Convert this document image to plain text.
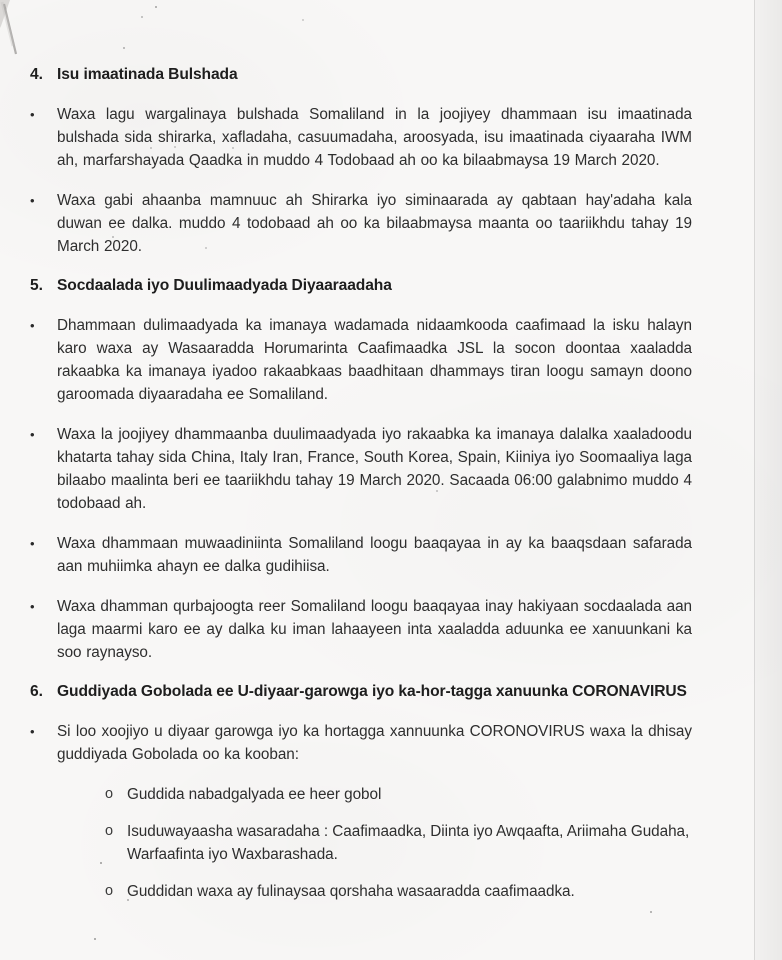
4. Isu imaatinada Bulshada
•	Waxa lagu wargalinaya bulshada Somaliland in la joojiyey dhammaan isu imaatinada bulshada sida shirarka, xafladaha, casuumadaha, aroosyada, isu imaatinada ciyaaraha IWM ah, marfarshayada Qaadka in muddo 4 Todobaad ah oo ka bilaabmaysa 19 March 2020.

•	Waxa gabi ahaanba mamnuuc ah Shirarka iyo siminaarada ay qabtaan hay'adaha kala duwan ee dalka. muddo 4 todobaad ah oo ka bilaabmaysa maanta oo taariikhdu tahay 19 March 2020.

5. Socdaalada iyo Duulimaadyada Diyaaraadaha
•	Dhammaan dulimaadyada ka imanaya wadamada nidaamkooda caafimaad la isku halayn karo waxa ay Wasaaradda Horumarinta Caafimaadka JSL la socon doontaa xaaladda rakaabka ka imanaya iyadoo rakaabkaas baadhitaan dhammays tiran loogu samayn doono garoomada diyaaradaha ee Somaliland.

•	Waxa la joojiyey dhammaanba duulimaadyada iyo rakaabka ka imanaya dalalka xaaladoodu khatarta tahay sida China, Italy Iran, France, South Korea, Spain, Kiiniya iyo Soomaaliya laga bilaabo maalinta beri ee taariikhdu tahay 19 March 2020. Sacaada 06:00 galabnimo muddo 4 todobaad ah.

•	Waxa dhammaan muwaadiniinta Somaliland loogu baaqayaa in ay ka baaqsdaan safarada aan muhiimka ahayn ee dalka gudihiisa.

•	Waxa dhamman qurbajoogta reer Somaliland loogu baaqayaa inay hakiyaan socdaalada aan laga maarmi karo ee ay dalka ku iman lahaayeen inta xaaladda aduunka ee xanuunkani ka soo raynayso.

6. Guddiyada Gobolada ee U-diyaar-garowga iyo ka-hor-tagga xanuunka CORONAVIRUS
•	Si loo xoojiyo u diyaar garowga iyo ka hortagga xannuunka CORONOVIRUS waxa la dhisay guddiyada Gobolada oo ka kooban:

o Guddida nabadgalyada ee heer gobol

o Isuduwayaasha wasaradaha : Caafimaadka, Diinta iyo Awqaafta, Ariimaha Gudaha, Warfaafinta iyo Waxbarashada.

o Guddidan waxa ay fulinaysaa qorshaha wasaaradda caafimaadka.
